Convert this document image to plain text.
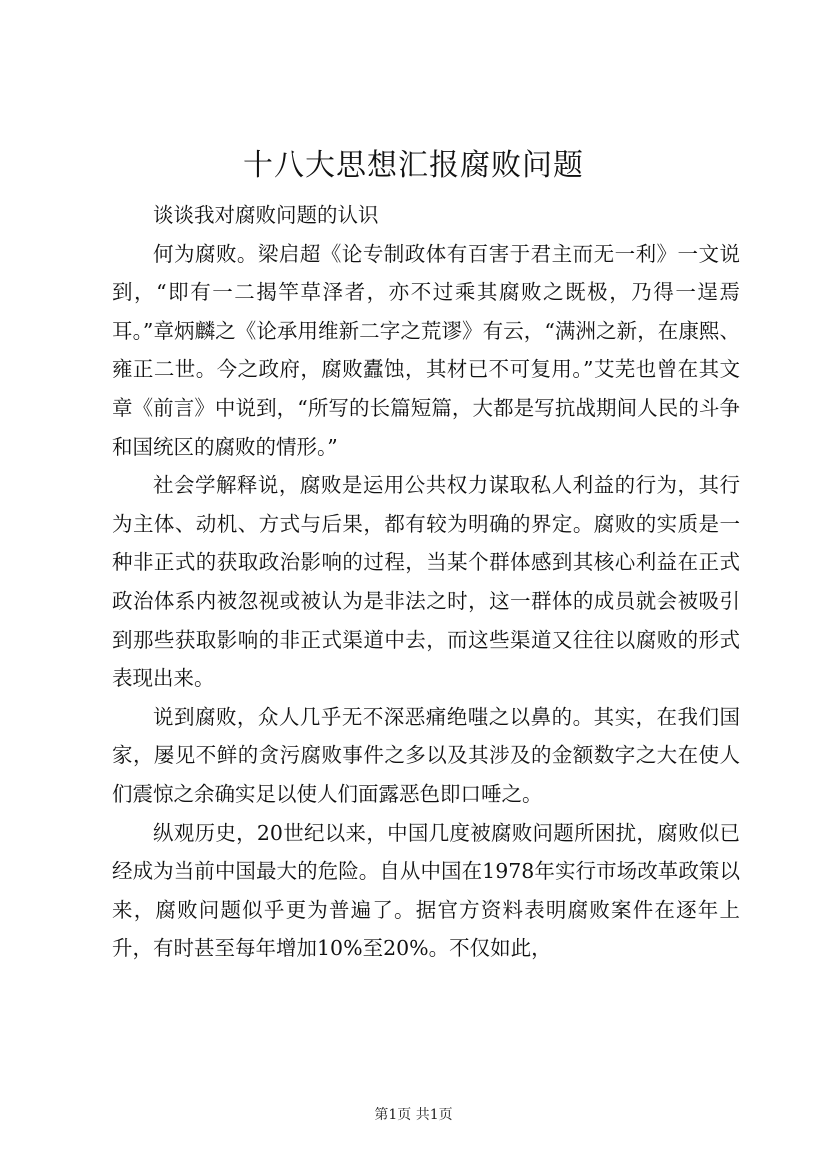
十八大思想汇报腐败问题

谈谈我对腐败问题的认识

何为腐败。梁启超《论专制政体有百害于君主而无一利》一文说到，“即有一二揭竿草泽者，亦不过乘其腐败之既极，乃得一逞焉耳。”章炳麟之《论承用维新二字之荒谬》有云，“满洲之新，在康熙、雍正二世。今之政府，腐败蠹蚀，其材已不可复用。”艾芜也曾在其文章《前言》中说到，“所写的长篇短篇，大都是写抗战期间人民的斗争和国统区的腐败的情形。”

社会学解释说，腐败是运用公共权力谋取私人利益的行为，其行为主体、动机、方式与后果，都有较为明确的界定。腐败的实质是一种非正式的获取政治影响的过程，当某个群体感到其核心利益在正式政治体系内被忽视或被认为是非法之时，这一群体的成员就会被吸引到那些获取影响的非正式渠道中去，而这些渠道又往往以腐败的形式表现出来。

说到腐败，众人几乎无不深恶痛绝嗤之以鼻的。其实，在我们国家，屡见不鲜的贪污腐败事件之多以及其涉及的金额数字之大在使人们震惊之余确实足以使人们面露恶色即口唾之。

纵观历史，20世纪以来，中国几度被腐败问题所困扰，腐败似已经成为当前中国最大的危险。自从中国在1978年实行市场改革政策以来，腐败问题似乎更为普遍了。据官方资料表明腐败案件在逐年上升，有时甚至每年增加10%至20%。不仅如此，

第1页 共1页
